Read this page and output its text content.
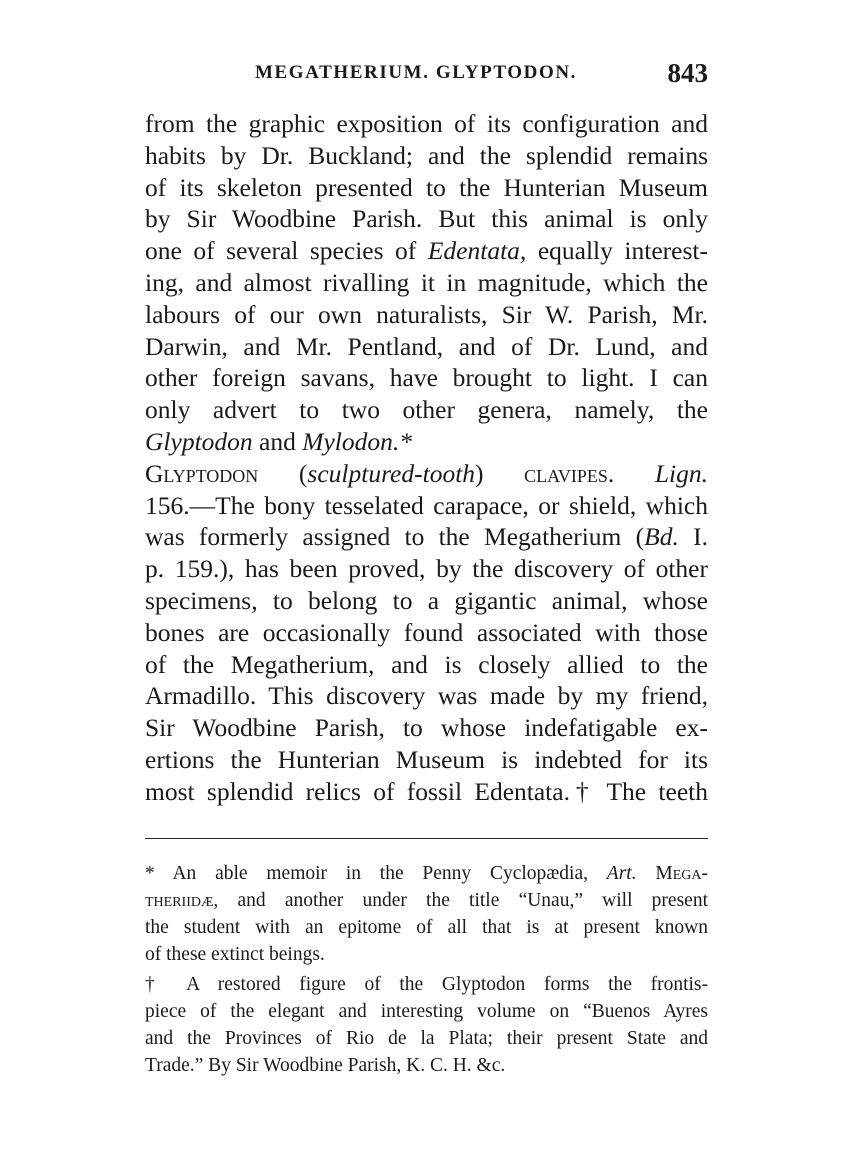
MEGATHERIUM. GLYPTODON.	843
from the graphic exposition of its configuration and
habits by Dr. Buckland; and the splendid remains
of its skeleton presented to the Hunterian Museum
by Sir Woodbine Parish. But this animal is only
one of several species of Edentata, equally interest-
ing, and almost rivalling it in magnitude, which the
labours of our own naturalists, Sir W. Parish, Mr.
Darwin, and Mr. Pentland, and of Dr. Lund, and
other foreign savans, have brought to light. I can
only advert to two other genera, namely, the
Glyptodon and Mylodon.*
Glyptodon (sculptured-tooth) clavipes. Lign.
156.—The bony tesselated carapace, or shield, which
was formerly assigned to the Megatherium (Bd. I.
p. 159.), has been proved, by the discovery of other
specimens, to belong to a gigantic animal, whose
bones are occasionally found associated with those
of the Megatherium, and is closely allied to the
Armadillo. This discovery was made by my friend,
Sir Woodbine Parish, to whose indefatigable ex-
ertions the Hunterian Museum is indebted for its
most splendid relics of fossil Edentata.† The teeth
* An able memoir in the Penny Cyclopædia, Art. Mega-
theriidæ, and another under the title “Unau,” will present
the student with an epitome of all that is at present known
of these extinct beings.
† A restored figure of the Glyptodon forms the frontis-
piece of the elegant and interesting volume on “Buenos Ayres
and the Provinces of Rio de la Plata; their present State and
Trade.” By Sir Woodbine Parish, K. C. H. &c.
